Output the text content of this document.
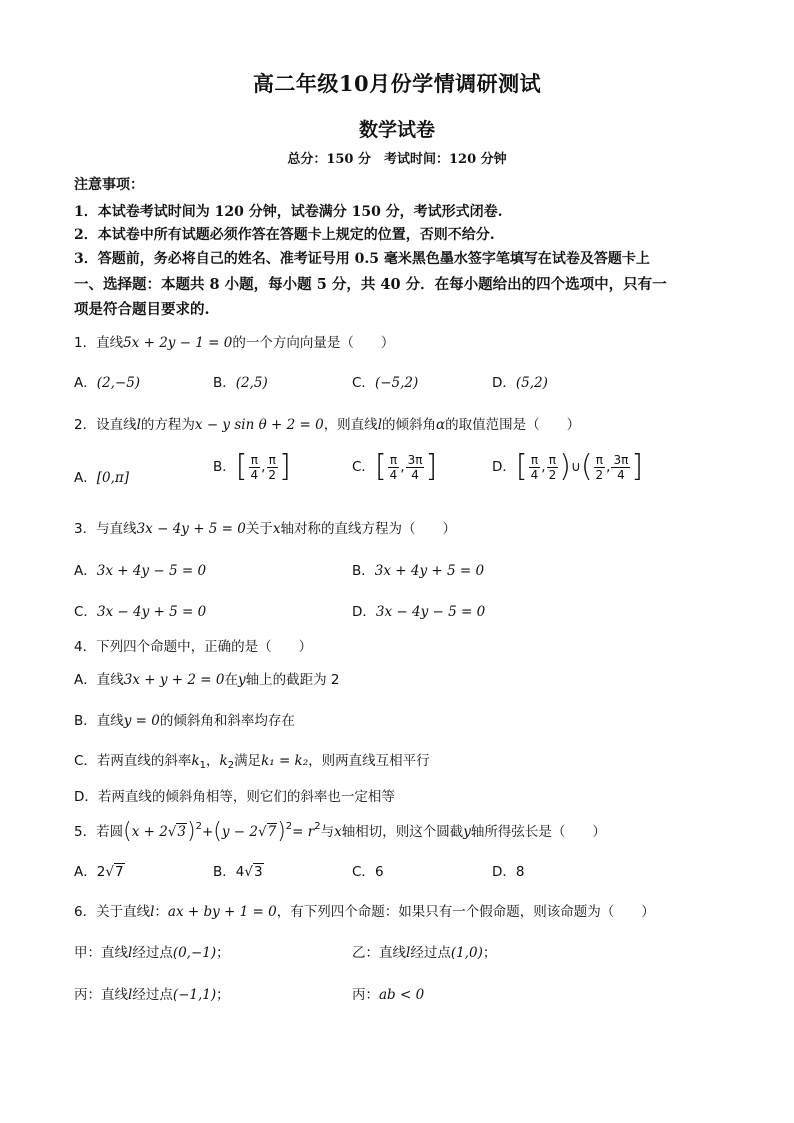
高二年级10月份学情调研测试
数学试卷
总分：150 分　考试时间：120 分钟
注意事项：
1．本试卷考试时间为 120 分钟，试卷满分 150 分，考试形式闭卷.
2．本试卷中所有试题必须作答在答题卡上规定的位置，否则不给分.
3．答题前，务必将自己的姓名、准考证号用 0.5 毫米黑色墨水签字笔填写在试卷及答题卡上
一、选择题：本题共 8 小题，每小题 5 分，共 40 分．在每小题给出的四个选项中，只有一
项是符合题目要求的.
1．直线5x + 2y − 1 = 0的一个方向向量是（　　）
A．(2,−5)	B．(2,5)	C．(−5,2)	D．(5,2)
2．设直线l的方程为x − y sin θ + 2 = 0，则直线l的倾斜角α的取值范围是（　　）
A．[0,π]
B．[ $\frac{\pi}{4}$ , $\frac{\pi}{2}$ ]	C．[ $\frac{\pi}{4}$ , $\frac{3\pi}{4}$ ]	D．[ $\frac{\pi}{4}$ , $\frac{\pi}{2}$ )∪( $\frac{\pi}{2}$ , $\frac{3\pi}{4}$ ]
3．与直线3x − 4y + 5 = 0关于x轴对称的直线方程为（　　）
A．3x + 4y − 5 = 0	B．3x + 4y + 5 = 0
C．3x − 4y + 5 = 0	D．3x − 4y − 5 = 0
4．下列四个命题中，正确的是（　　）
A．直线3x + y + 2 = 0在y轴上的截距为 2
B．直线y = 0的倾斜角和斜率均存在
C．若两直线的斜率$k_1$，$k_2$满足k₁ = k₂，则两直线互相平行
D．若两直线的倾斜角相等，则它们的斜率也一定相等
5．若圆$(x + 2√3)^2+(y - 2√7)^2= r^2$与x轴相切，则这个圆截y轴所得弦长是（　　）
A．2√7	B．4√3	C．6	D．8
6．关于直线l：ax + by + 1 = 0，有下列四个命题：如果只有一个假命题，则该命题为（　　）
甲：直线l经过点(0,−1)；	乙：直线l经过点(1,0)；
丙：直线l经过点(−1,1)；	丙：ab < 0
